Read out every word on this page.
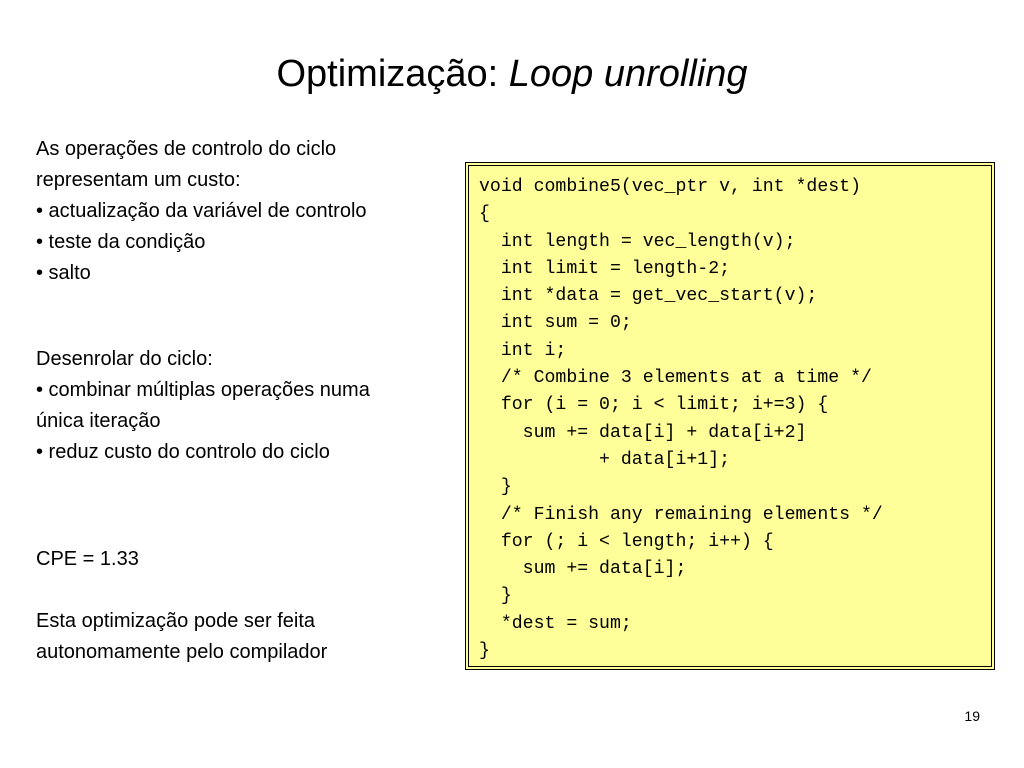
Optimização: Loop unrolling

As operações de controlo do ciclo

representam um custo:

• actualização da variável de controlo

• teste da condição

• salto

Desenrolar do ciclo:

• combinar múltiplas operações numa

única iteração

• reduz custo do controlo do ciclo

CPE = 1.33

Esta optimização pode ser feita

autonomamente pelo compilador

void combine5(vec_ptr v, int *dest)
{
int length = vec_length(v);
int limit = length-2;
int *data = get_vec_start(v);
int sum = 0;
int i;
/* Combine 3 elements at a time */
for (i = 0; i < limit; i+=3) {
sum += data[i] + data[i+2]
+ data[i+1];
}
/* Finish any remaining elements */
for (; i < length; i++) {
sum += data[i];
}
*dest = sum;
}
19
